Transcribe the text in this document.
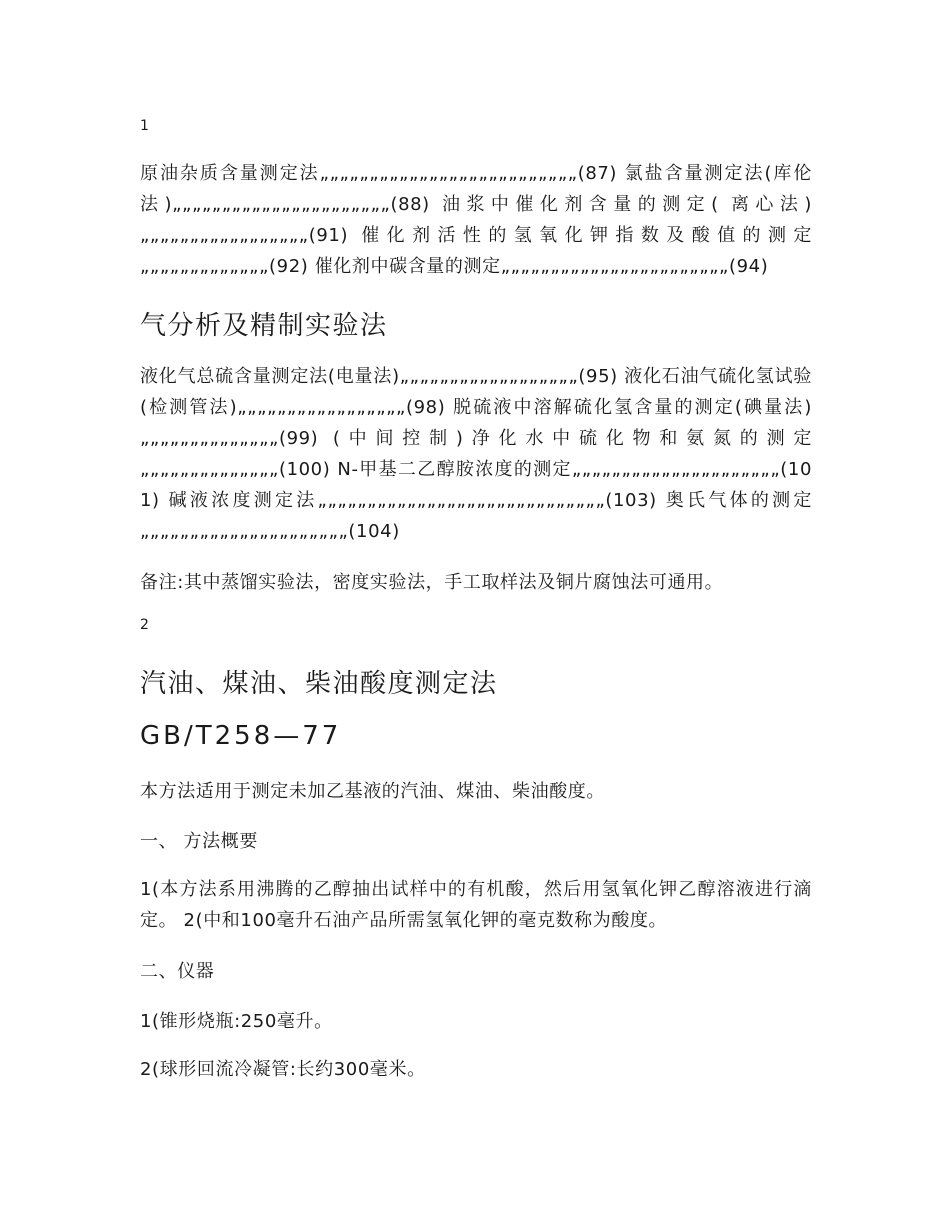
1
原油杂质含量测定法„„„„„„„„„„„„„„„„„„„„„„„„„„(87) 氯盐含量测定法(库伦法)„„„„„„„„„„„„„„„„„„„„„„(88) 油浆中催化剂含量的测定( 离心法)„„„„„„„„„„„„„„„„„(91) 催化剂活性的氢氧化钾指数及酸值的测定„„„„„„„„„„„„„(92) 催化剂中碳含量的测定„„„„„„„„„„„„„„„„„„„„„„„(94)
气分析及精制实验法
液化气总硫含量测定法(电量法)„„„„„„„„„„„„„„„„„„(95) 液化石油气硫化氢试验(检测管法)„„„„„„„„„„„„„„„„„(98) 脱硫液中溶解硫化氢含量的测定(碘量法)„„„„„„„„„„„„„„(99) (中间控制)净化水中硫化物和氨氮的测定„„„„„„„„„„„„„„(100) N-甲基二乙醇胺浓度的测定„„„„„„„„„„„„„„„„„„„„„(101) 碱液浓度测定法„„„„„„„„„„„„„„„„„„„„„„„„„„„„„(103) 奥氏气体的测定„„„„„„„„„„„„„„„„„„„„„(104)
备注:其中蒸馏实验法，密度实验法，手工取样法及铜片腐蚀法可通用。
2
汽油、煤油、柴油酸度测定法
GB/T258—77
本方法适用于测定未加乙基液的汽油、煤油、柴油酸度。
一、 方法概要
1(本方法系用沸腾的乙醇抽出试样中的有机酸，然后用氢氧化钾乙醇溶液进行滴定。 2(中和100毫升石油产品所需氢氧化钾的毫克数称为酸度。
二、仪器
1(锥形烧瓶:250毫升。
2(球形回流冷凝管:长约300毫米。
